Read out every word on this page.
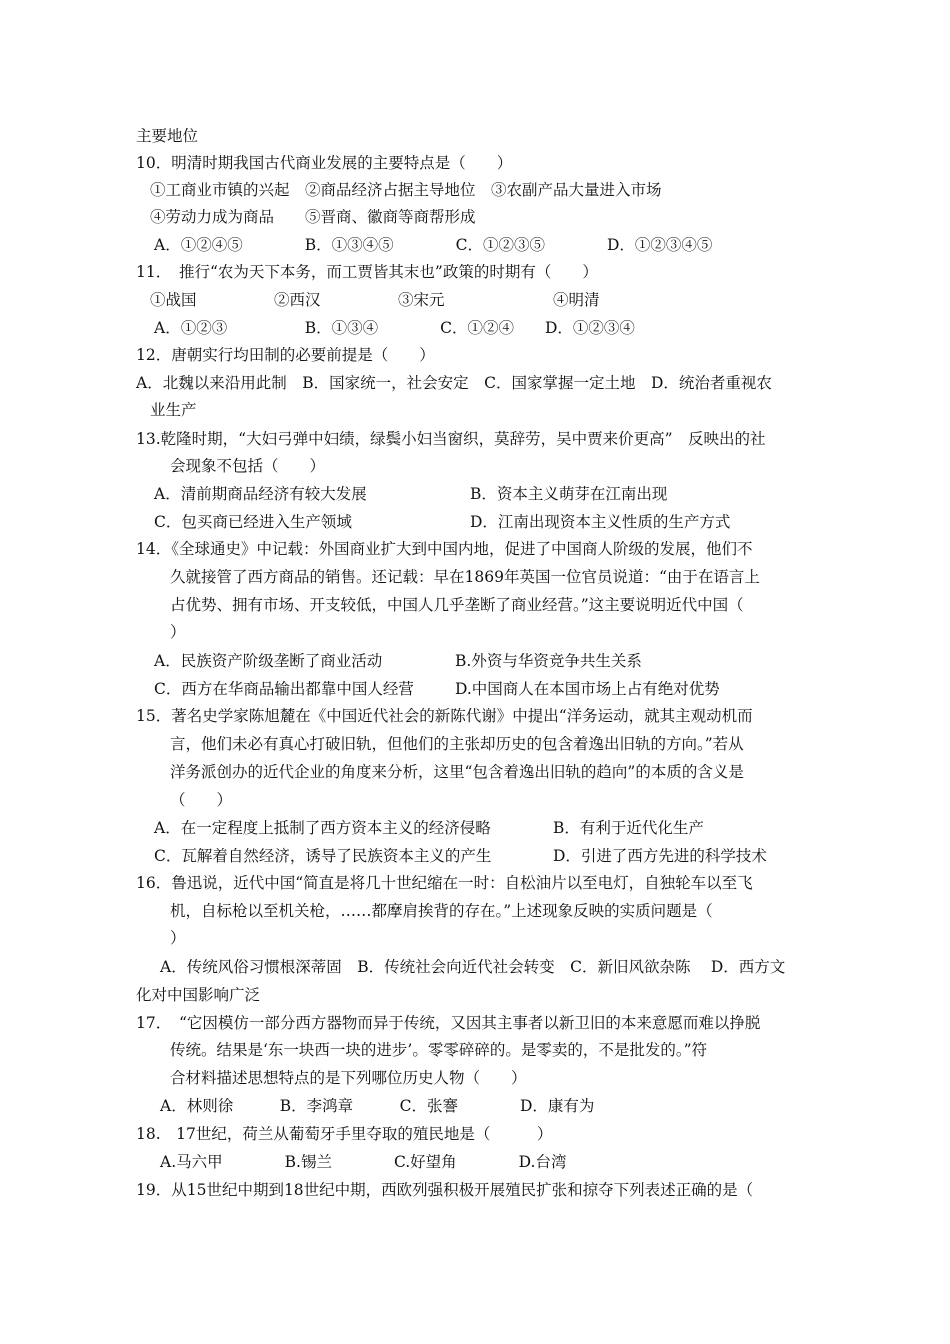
主要地位
10．明清时期我国古代商业发展的主要特点是（　　）
①工商业市镇的兴起　②商品经济占据主导地位　③农副产品大量进入市场
④劳动力成为商品　　⑤晋商、徽商等商帮形成
A．①②④⑤　　　　B．①③④⑤　　　　C．①②③⑤　　　　D．①②③④⑤
11．　推行“农为天下本务，而工贾皆其末也”政策的时期有（　　）
①战国　　　　　②西汉　　　　　③宋元　　　　　　　④明清
A．①②③　　　　　B．①③④　　　　C．①②④　　D．①②③④
12．唐朝实行均田制的必要前提是（　　）
A．北魏以来沿用此制　B．国家统一，社会安定　C．国家掌握一定土地　D．统治者重视农
业生产
13.乾隆时期，“大妇弓弹中妇绩，绿鬓小妇当窗织，莫辞劳，吴中贾来价更高”　反映出的社
会现象不包括（　　）
A．清前期商品经济有较大发展	B．资本主义萌芽在江南出现
C．包买商已经进入生产领域	D．江南出现资本主义性质的生产方式
14．《全球通史》中记载：外国商业扩大到中国内地，促进了中国商人阶级的发展，他们不
久就接管了西方商品的销售。还记载：早在1869年英国一位官员说道：“由于在语言上
占优势、拥有市场、开支较低，中国人几乎垄断了商业经营。”这主要说明近代中国（
）
A．民族资产阶级垄断了商业活动	B.外资与华资竞争共生关系
C．西方在华商品输出都靠中国人经营	D.中国商人在本国市场上占有绝对优势
15．著名史学家陈旭麓在《中国近代社会的新陈代谢》中提出“洋务运动，就其主观动机而
言，他们未必有真心打破旧轨，但他们的主张却历史的包含着逸出旧轨的方向。”若从
洋务派创办的近代企业的角度来分析，这里“包含着逸出旧轨的趋向”的本质的含义是
（　　）
A．在一定程度上抵制了西方资本主义的经济侵略	B．有利于近代化生产
C．瓦解着自然经济，诱导了民族资本主义的产生	D．引进了西方先进的科学技术
16．鲁迅说，近代中国“简直是将几十世纪缩在一时：自松油片以至电灯，自独轮车以至飞
机，自标枪以至机关枪，……都摩肩挨背的存在。”上述现象反映的实质问题是（
）
A．传统风俗习惯根深蒂固　B．传统社会向近代社会转变　C．新旧风欲杂陈　 D．西方文
化对中国影响广泛
17．　“它因模仿一部分西方器物而异于传统，又因其主事者以新卫旧的本来意愿而难以挣脱
传统。结果是‘东一块西一块的进步’。零零碎碎的。是零卖的，不是批发的。”符
合材料描述思想特点的是下列哪位历史人物（　　）
A．林则徐　　　B．李鸿章　　　C．张謇　　　　D．康有为
18.　17世纪，荷兰从葡萄牙手里夺取的殖民地是（　　　）
A.马六甲　　　　B.锡兰　　　　C.好望角　　　　D.台湾
19．从15世纪中期到18世纪中期，西欧列强积极开展殖民扩张和掠夺下列表述正确的是（
